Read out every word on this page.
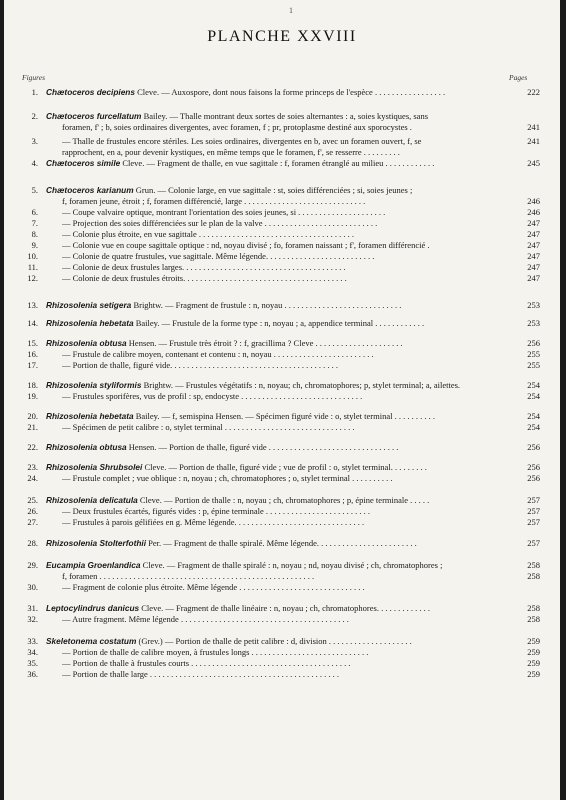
1
PLANCHE XXVIII
Figures	Pages
1. Chætoceros decipiens Cleve. — Auxospore, dont nous faisons la forme princeps de l'espèce . . . . . . . . . . . . . . . . .	222
2. Chætoceros furcellatum Bailey. — Thalle montrant deux sortes de soies alternantes : a, soies kystiques, sans
foramen, f' ; b, soies ordinaires divergentes, avec foramen, f ; pr, protoplasme destiné aux sporocystes .	241
3.	— Thalle de frustules encore stériles. Les soies ordinaires, divergentes en b, avec un foramen ouvert, f, se	241
rapprochent, en a, pour devenir kystiques, en même temps que le foramen, f', se resserre . . . . . . . . .
4. Chætoceros simile Cleve. — Fragment de thalle, en vue sagittale : f, foramen étranglé au milieu . . . . . . . . . . . .	245
5. Chætoceros karianum Grun. — Colonie large, en vue sagittale : st, soies différenciées ; si, soies jeunes ;
f, foramen jeune, étroit ; f, foramen différencié, large . . . . . . . . . . . . . . . . . . . . . . . . . . . . .	246
6.	— Coupe valvaire optique, montrant l'orientation des soies jeunes, si . . . . . . . . . . . . . . . . . . . . .	246
7.	— Projection des soies différenciées sur le plan de la valve . . . . . . . . . . . . . . . . . . . . . . . . . . .	247
8.	— Colonie plus étroite, en vue sagittale . . . . . . . . . . . . . . . . . . . . . . . . . . . . . . . . . . . . .	247
9.	— Colonie vue en coupe sagittale optique : nd, noyau divisé ; fo, foramen naissant ; f', foramen différencié .	247
10.	— Colonie de quatre frustules, vue sagittale. Même légende. . . . . . . . . . . . . . . . . . . . . . . . . .	247
11.	— Colonie de deux frustules larges. . . . . . . . . . . . . . . . . . . . . . . . . . . . . . . . . . . . . . .	247
12.	— Colonie de deux frustules étroits. . . . . . . . . . . . . . . . . . . . . . . . . . . . . . . . . . . . . . .	247
13. Rhizosolenia setigera Brightw. — Fragment de frustule : n, noyau . . . . . . . . . . . . . . . . . . . . . . . . . . . .	253
14. Rhizosolenia hebetata Bailey. — Frustule de la forme type : n, noyau ; a, appendice terminal . . . . . . . . . . . .	253
15. Rhizosolenia obtusa Hensen. — Frustule très étroit ? : f, gracillima ? Cleve . . . . . . . . . . . . . . . . . . . . .	256
16.	— Frustule de calibre moyen, contenant et contenu : n, noyau . . . . . . . . . . . . . . . . . . . . . . . .	255
17.	— Portion de thalle, figuré vide. . . . . . . . . . . . . . . . . . . . . . . . . . . . . . . . . . . . . . . .	255
18. Rhizosolenia styliformis Brightw. — Frustules végétatifs : n, noyau; ch, chromatophores; p, stylet terminal; a, ailettes.	254
19.	— Frustules sporifères, vus de profil : sp, endocyste . . . . . . . . . . . . . . . . . . . . . . . . . . . . .	254
20. Rhizosolenia hebetata Bailey. — f, semispina Hensen. — Spécimen figuré vide : o, stylet terminal . . . . . . . . . .	254
21.	— Spécimen de petit calibre : o, stylet terminal . . . . . . . . . . . . . . . . . . . . . . . . . . . . . . .	254
22. Rhizosolenia obtusa Hensen. — Portion de thalle, figuré vide . . . . . . . . . . . . . . . . . . . . . . . . . . . . . . .	256
23. Rhizosolenia Shrubsolei Cleve. — Portion de thalle, figuré vide ; vue de profil : o, stylet terminal. . . . . . . . .	256
24.	— Frustule complet ; vue oblique : n, noyau ; ch, chromatophores ; o, stylet terminal . . . . . . . . . .	256
25. Rhizosolenia delicatula Cleve. — Portion de thalle : n, noyau ; ch, chromatophores ; p, épine terminale . . . . .	257
26.	— Deux frustules écartés, figurés vides : p, épine terminale . . . . . . . . . . . . . . . . . . . . . . . . .	257
27.	— Frustules à parois gélifiées en g. Même légende. . . . . . . . . . . . . . . . . . . . . . . . . . . . . . .	257
28. Rhizosolenia Stolterfothii Per. — Fragment de thalle spiralé. Même légende. . . . . . . . . . . . . . . . . . . . . . . .	257
29. Eucampia Groenlandica Cleve. — Fragment de thalle spiralé : n, noyau ; nd, noyau divisé ; ch, chromatophores ;	258
f, foramen . . . . . . . . . . . . . . . . . . . . . . . . . . . . . . . . . . . . . . . . . . . . . . . . . . .	258
30.	— Fragment de colonie plus étroite. Même légende . . . . . . . . . . . . . . . . . . . . . . . . . . . . . .
31. Leptocylindrus danicus Cleve. — Fragment de thalle linéaire : n, noyau ; ch, chromatophores. . . . . . . . . . . . .	258
32.	— Autre fragment. Même légende . . . . . . . . . . . . . . . . . . . . . . . . . . . . . . . . . . . . . . . .	258
33. Skeletonema costatum (Grev.) — Portion de thalle de petit calibre : d, division . . . . . . . . . . . . . . . . . . . .	259
34.	— Portion de thalle de calibre moyen, à frustules longs . . . . . . . . . . . . . . . . . . . . . . . . . . . .	259
35.	— Portion de thalle à frustules courts . . . . . . . . . . . . . . . . . . . . . . . . . . . . . . . . . . . . . .	259
36.	— Portion de thalle large . . . . . . . . . . . . . . . . . . . . . . . . . . . . . . . . . . . . . . . . . . . . .	259
